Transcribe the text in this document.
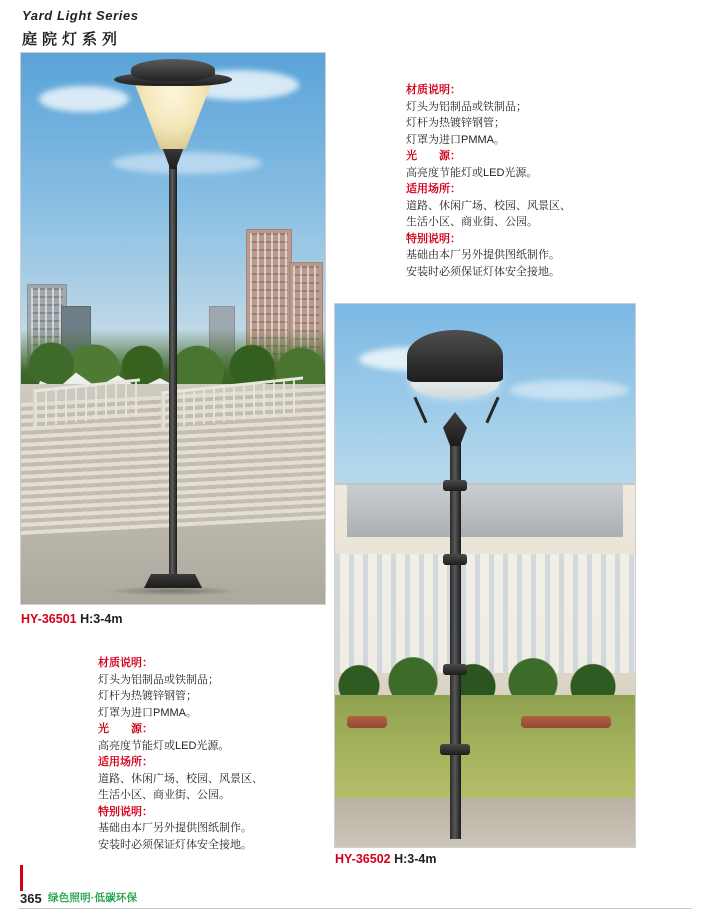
Yard Light Series
庭院灯系列
HY-36501 H:3-4m
HY-36502 H:3-4m
材质说明：
灯头为铝制品或铁制品；
灯杆为热镀锌钢管；
灯罩为进口PMMA。
光　　源：
高亮度节能灯或LED光源。
适用场所：
道路、休闲广场、校园、风景区、
生活小区、商业街、公园。
特别说明：
基础由本厂另外提供图纸制作。
安装时必须保证灯体安全接地。
材质说明：
灯头为铝制品或铁制品；
灯杆为热镀锌钢管；
灯罩为进口PMMA。
光　　源：
高亮度节能灯或LED光源。
适用场所：
道路、休闲广场、校园、风景区、
生活小区、商业街、公园。
特别说明：
基础由本厂另外提供图纸制作。
安装时必须保证灯体安全接地。
365 绿色照明·低碳环保
